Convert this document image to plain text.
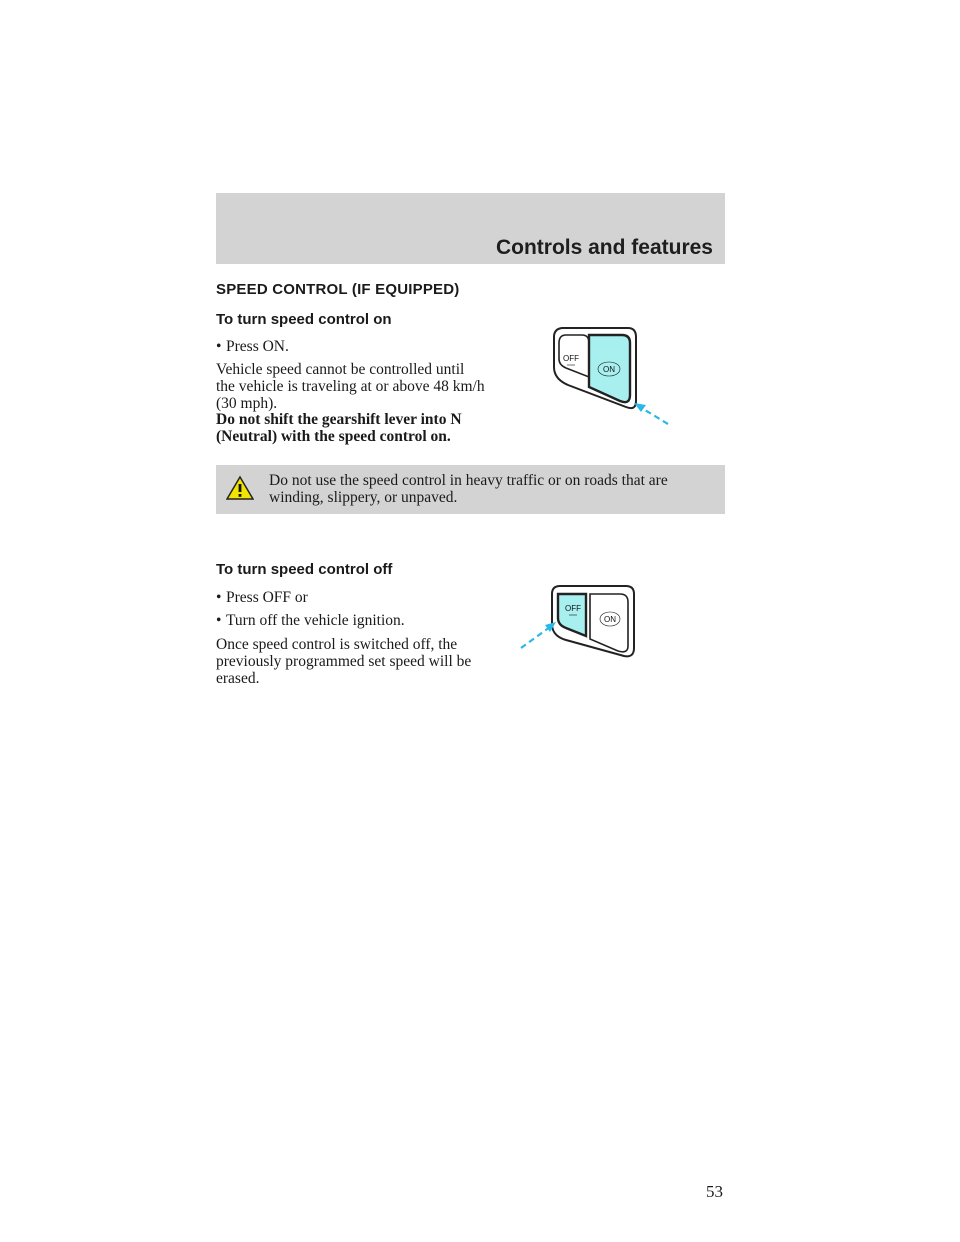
Controls and features
SPEED CONTROL (IF EQUIPPED)
To turn speed control on
• Press ON.
Vehicle speed cannot be controlled until the vehicle is traveling at or above 48 km/h (30 mph).
Do not shift the gearshift lever into N (Neutral) with the speed control on.
OFF
ON
Do not use the speed control in heavy traffic or on roads that are winding, slippery, or unpaved.
To turn speed control off
• Press OFF or
• Turn off the vehicle ignition.
Once speed control is switched off, the previously programmed set speed will be erased.
OFF
ON
53
